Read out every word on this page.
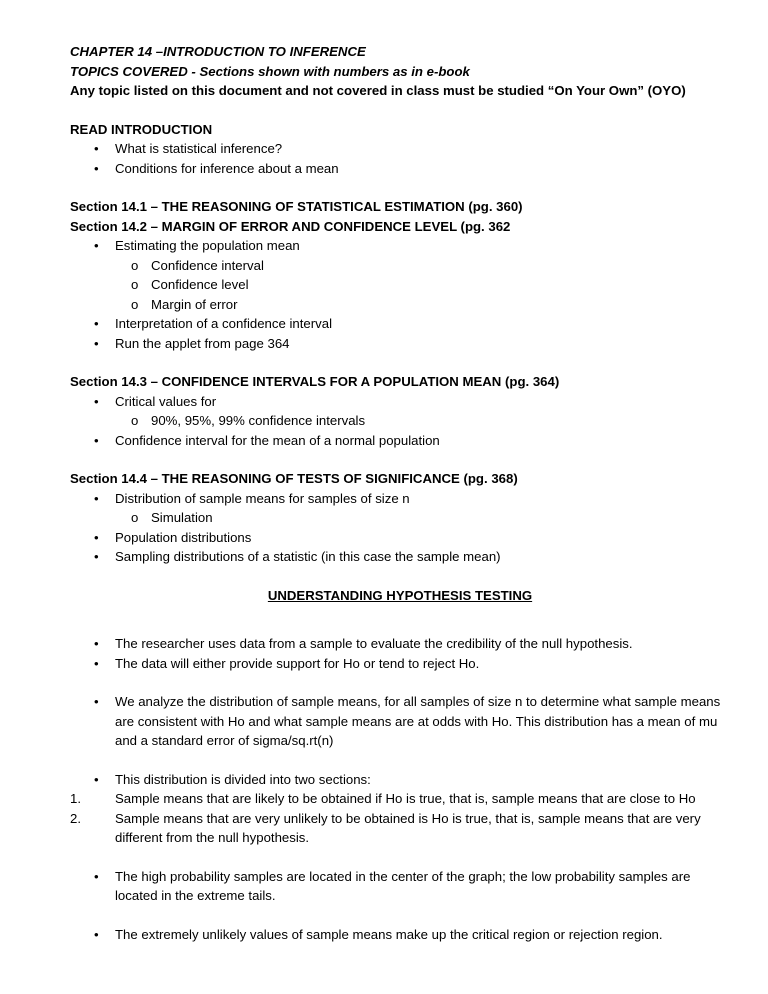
CHAPTER 14 –INTRODUCTION TO INFERENCE
TOPICS COVERED - Sections shown with numbers as in e-book
Any topic listed on this document and not covered in class must be studied “On Your Own” (OYO)
READ INTRODUCTION
• What is statistical inference?
• Conditions for inference about a mean
Section 14.1 – THE REASONING OF STATISTICAL ESTIMATION (pg. 360)
Section 14.2 – MARGIN OF ERROR AND CONFIDENCE LEVEL (pg. 362
• Estimating the population mean
o Confidence interval
o Confidence level
o Margin of error
• Interpretation of a confidence interval
• Run the applet from page 364
Section 14.3 – CONFIDENCE INTERVALS FOR A POPULATION MEAN (pg. 364)
• Critical values for
o 90%, 95%, 99% confidence intervals
• Confidence interval for the mean of a normal population
Section 14.4 – THE REASONING OF TESTS OF SIGNIFICANCE (pg. 368)
• Distribution of sample means for samples of size n
o Simulation
• Population distributions
• Sampling distributions of a statistic (in this case the sample mean)
UNDERSTANDING HYPOTHESIS TESTING
• The researcher uses data from a sample to evaluate the credibility of the null hypothesis.
• The data will either provide support for Ho or tend to reject Ho.
• We analyze the distribution of sample means, for all samples of size n to determine what sample means are consistent with Ho and what sample means are at odds with Ho. This distribution has a mean of mu and a standard error of sigma/sq.rt(n)
• This distribution is divided into two sections:
1.	Sample means that are likely to be obtained if Ho is true, that is, sample means that are close to Ho
2.	Sample means that are very unlikely to be obtained is Ho is true, that is, sample means that are very different from the null hypothesis.
• The high probability samples are located in the center of the graph; the low probability samples are located in the extreme tails.
• The extremely unlikely values of sample means make up the critical region or rejection region.
